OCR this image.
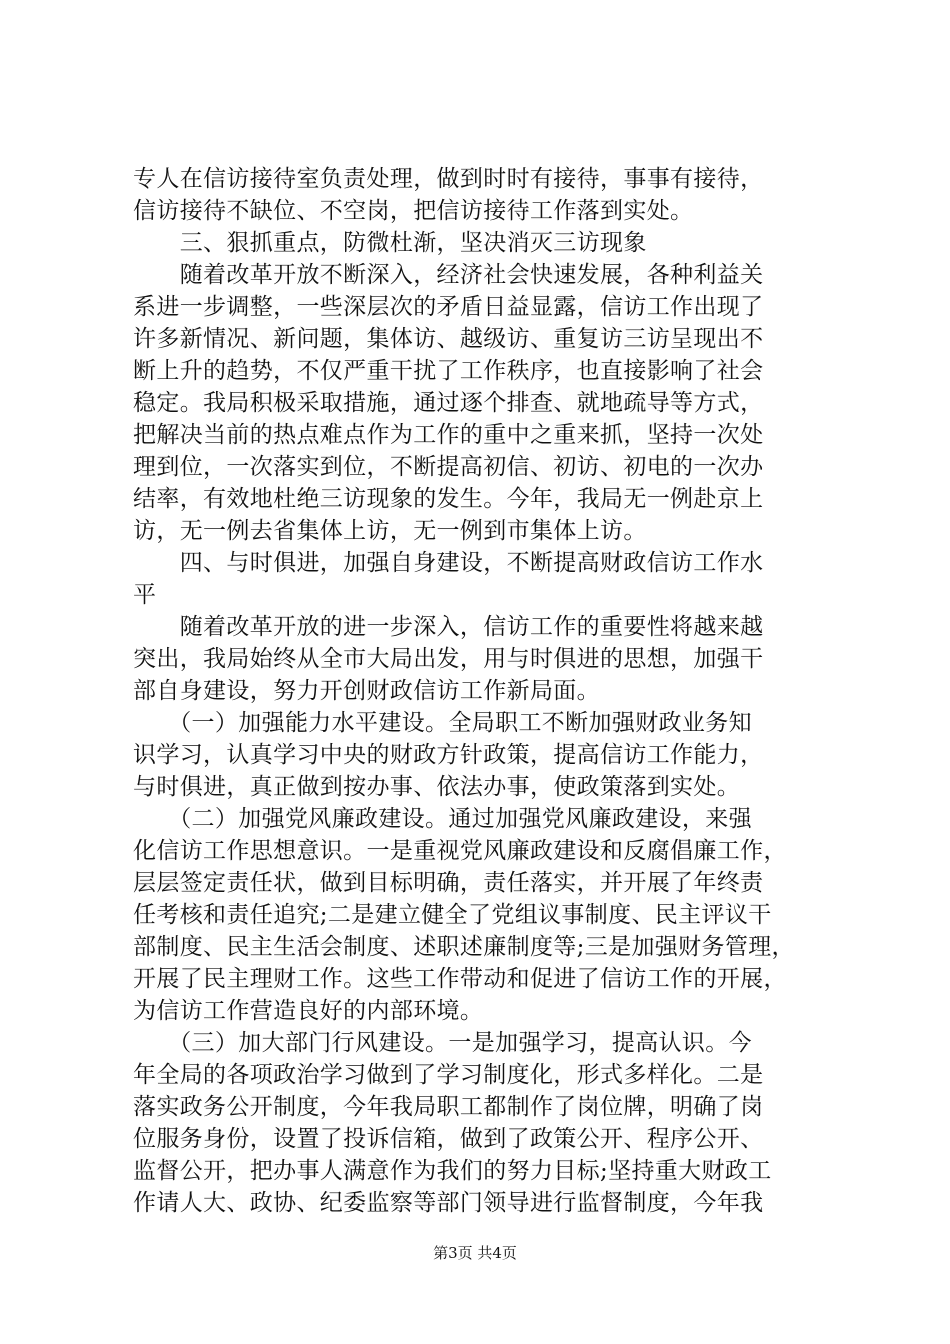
专人在信访接待室负责处理，做到时时有接待，事事有接待，
信访接待不缺位、不空岗，把信访接待工作落到实处。
　　三、狠抓重点，防微杜渐，坚决消灭三访现象
　　随着改革开放不断深入，经济社会快速发展，各种利益关
系进一步调整，一些深层次的矛盾日益显露，信访工作出现了
许多新情况、新问题，集体访、越级访、重复访三访呈现出不
断上升的趋势，不仅严重干扰了工作秩序，也直接影响了社会
稳定。我局积极采取措施，通过逐个排查、就地疏导等方式，
把解决当前的热点难点作为工作的重中之重来抓，坚持一次处
理到位，一次落实到位，不断提高初信、初访、初电的一次办
结率，有效地杜绝三访现象的发生。今年，我局无一例赴京上
访，无一例去省集体上访，无一例到市集体上访。
　　四、与时俱进，加强自身建设，不断提高财政信访工作水
平
　　随着改革开放的进一步深入，信访工作的重要性将越来越
突出，我局始终从全市大局出发，用与时俱进的思想，加强干
部自身建设，努力开创财政信访工作新局面。
　　（一）加强能力水平建设。全局职工不断加强财政业务知
识学习，认真学习中央的财政方针政策，提高信访工作能力，
与时俱进，真正做到按办事、依法办事，使政策落到实处。
　　（二）加强党风廉政建设。通过加强党风廉政建设，来强
化信访工作思想意识。一是重视党风廉政建设和反腐倡廉工作，
层层签定责任状，做到目标明确，责任落实，并开展了年终责
任考核和责任追究;二是建立健全了党组议事制度、民主评议干
部制度、民主生活会制度、述职述廉制度等;三是加强财务管理，
开展了民主理财工作。这些工作带动和促进了信访工作的开展，
为信访工作营造良好的内部环境。
　　（三）加大部门行风建设。一是加强学习，提高认识。今
年全局的各项政治学习做到了学习制度化，形式多样化。二是
落实政务公开制度，今年我局职工都制作了岗位牌，明确了岗
位服务身份，设置了投诉信箱，做到了政策公开、程序公开、
监督公开，把办事人满意作为我们的努力目标;坚持重大财政工
作请人大、政协、纪委监察等部门领导进行监督制度，今年我
第3页 共4页
